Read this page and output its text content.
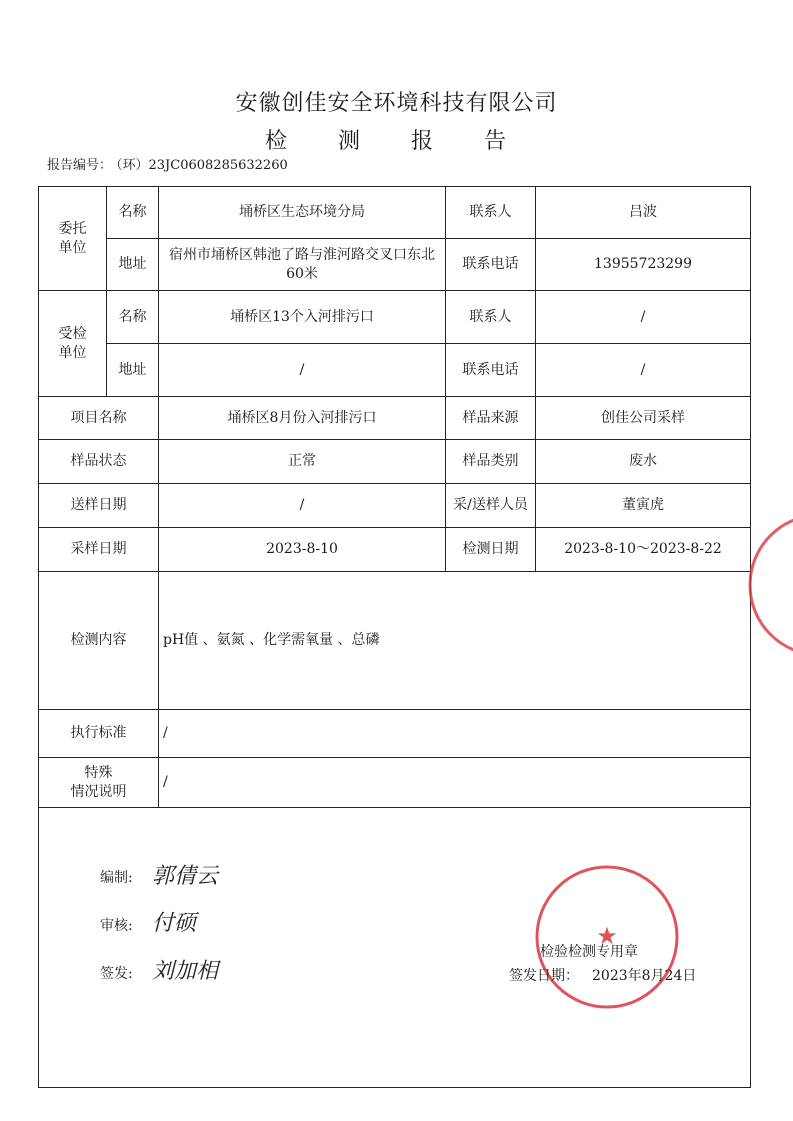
安徽创佳安全环境科技有限公司
检 测 报 告
报告编号： （环）23JC0608285632260
委托
单位	名称	埇桥区生态环境分局	联系人	吕波
	地址	宿州市埇桥区韩池了路与淮河路交叉口东北60米	联系电话	13955723299
受检
单位	名称	埇桥区13个入河排污口	联系人	/
	地址	/	联系电话	/
项目名称		埇桥区8月份入河排污口	样品来源	创佳公司采样
样品状态		正常	样品类别	废水
送样日期		/	采/送样人员	董寅虎
采样日期		2023-8-10	检测日期	2023-8-10～2023-8-22
检测内容		pH值 、氨氮 、化学需氧量 、总磷		
执行标准		/		
特殊
情况说明		/		

编制: 郭倩云
审核: 付硕
签发: 刘加相
★
检验检测专用章
签发日期： 2023年8月24日
